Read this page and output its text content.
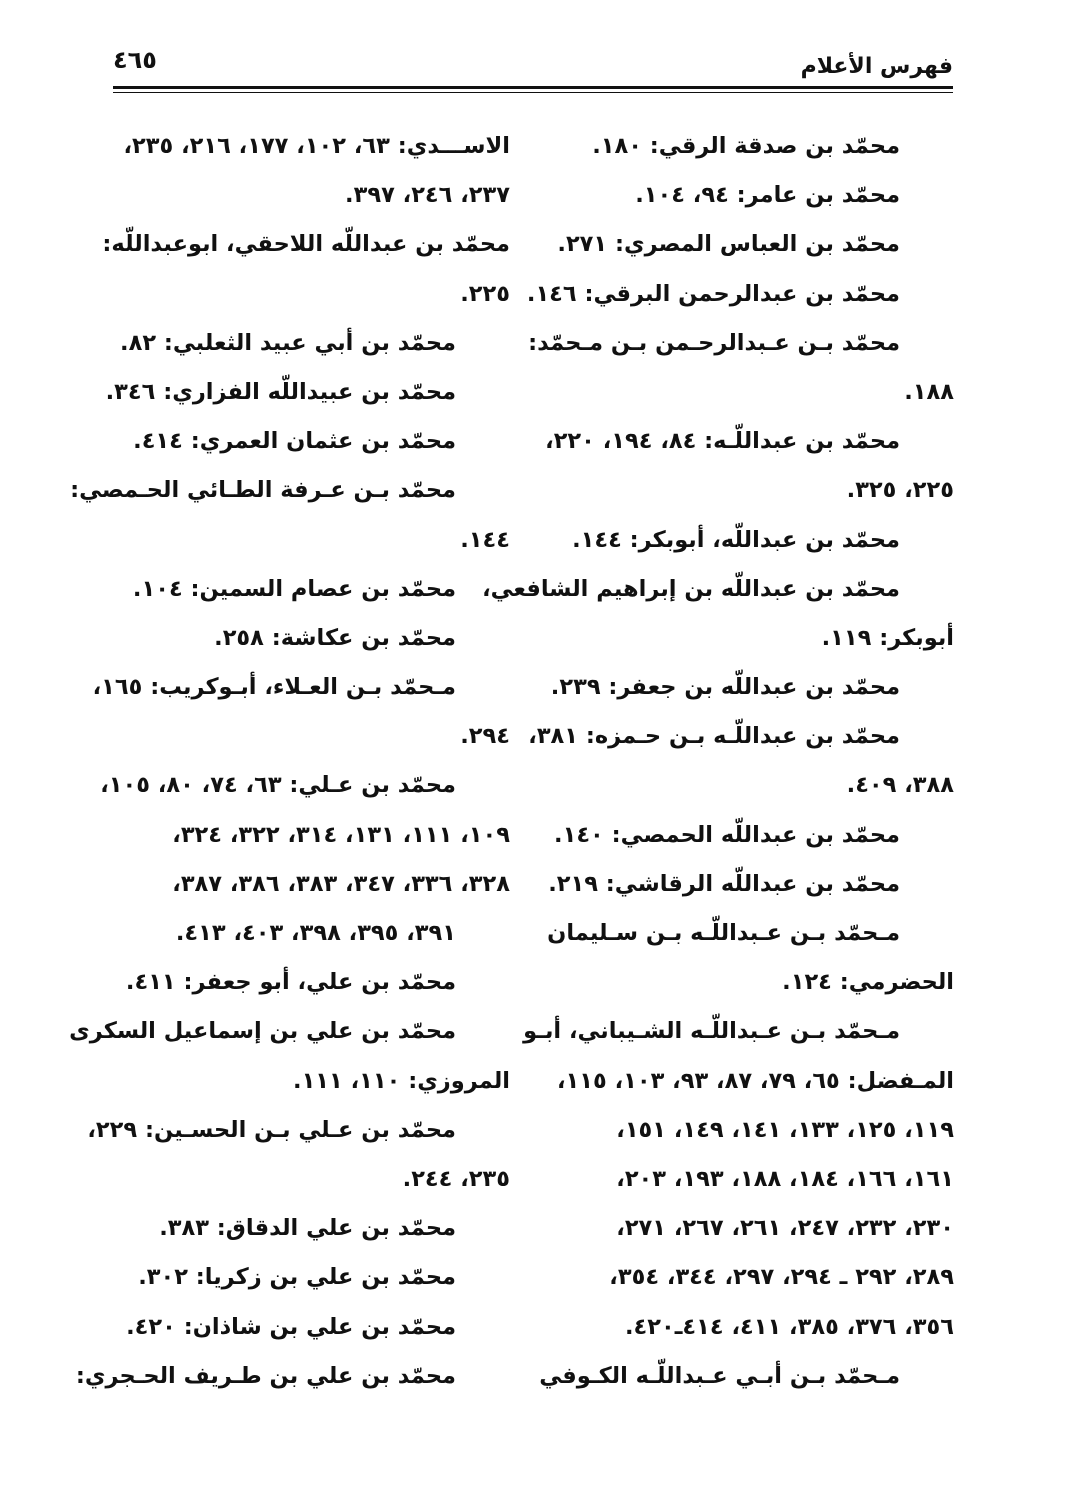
٤٦٥	فهرس الأعلام
محمّد بن صدقة الرقي: ١٨٠.
محمّد بن عامر: ٩٤، ١٠٤.
محمّد بن العباس المصري: ٢٧١.
محمّد بن عبدالرحمن البرقي: ١٤٦.
محمّد بـن عـبدالرحـمن بـن مـحمّد:
١٨٨.
محمّد بن عبداللّـه: ٨٤، ١٩٤، ٢٢٠،
٢٢٥، ٣٢٥.
محمّد بن عبداللّه، أبوبكر: ١٤٤.
محمّد بن عبداللّه بن إبراهيم الشافعي،
أبوبكر: ١١٩.
محمّد بن عبداللّه بن جعفر: ٢٣٩.
محمّد بن عبداللّـه بـن حـمزه: ٣٨١،
٣٨٨، ٤٠٩.
محمّد بن عبداللّه الحمصي: ١٤٠.
محمّد بن عبداللّه الرقاشي: ٢١٩.
مـحمّد بـن عـبداللّـه بـن سـليمان
الحضرمي: ١٢٤.
مـحمّد بـن عـبداللّـه الشـيباني، أبـو
المـفضل: ٦٥، ٧٩، ٨٧، ٩٣، ١٠٣، ١١٥،
١١٩، ١٢٥، ١٣٣، ١٤١، ١٤٩، ١٥١،
١٦١، ١٦٦، ١٨٤، ١٨٨، ١٩٣، ٢٠٣،
٢٣٠، ٢٣٢، ٢٤٧، ٢٦١، ٢٦٧، ٢٧١،
٢٨٩، ٢٩٢ ـ ٢٩٤، ٢٩٧، ٣٤٤، ٣٥٤،
٣٥٦، ٣٧٦، ٣٨٥، ٤١١، ٤١٤ـ٤٢٠.
مـحمّد بـن أبـي عـبداللّـه الكـوفي
الاســـدي: ٦٣، ١٠٢، ١٧٧، ٢١٦، ٢٣٥،
٢٣٧، ٢٤٦، ٣٩٧.
محمّد بن عبداللّه اللاحقي، ابوعبداللّه:
٢٢٥.
محمّد بن أبي عبيد الثعلبي: ٨٢.
محمّد بن عبيداللّه الفزاري: ٣٤٦.
محمّد بن عثمان العمري: ٤١٤.
محمّد بـن عـرفة الطـائي الحـمصي:
١٤٤.
محمّد بن عصام السمين: ١٠٤.
محمّد بن عكاشة: ٢٥٨.
مـحمّد بـن العـلاء، أبـوكريب: ١٦٥،
٢٩٤.
محمّد بن عـلي: ٦٣، ٧٤، ٨٠، ١٠٥،
١٠٩، ١١١، ١٣١، ٣١٤، ٣٢٢، ٣٢٤،
٣٢٨، ٣٣٦، ٣٤٧، ٣٨٣، ٣٨٦، ٣٨٧،
٣٩١، ٣٩٥، ٣٩٨، ٤٠٣، ٤١٣.
محمّد بن علي، أبو جعفر: ٤١١.
محمّد بن علي بن إسماعيل السكرى
المروزي: ١١٠، ١١١.
محمّد بن عـلي بـن الحسـين: ٢٢٩،
٢٣٥، ٢٤٤.
محمّد بن علي الدقاق: ٣٨٣.
محمّد بن علي بن زكريا: ٣٠٢.
محمّد بن علي بن شاذان: ٤٢٠.
محمّد بن علي بن طـريف الحـجري:
